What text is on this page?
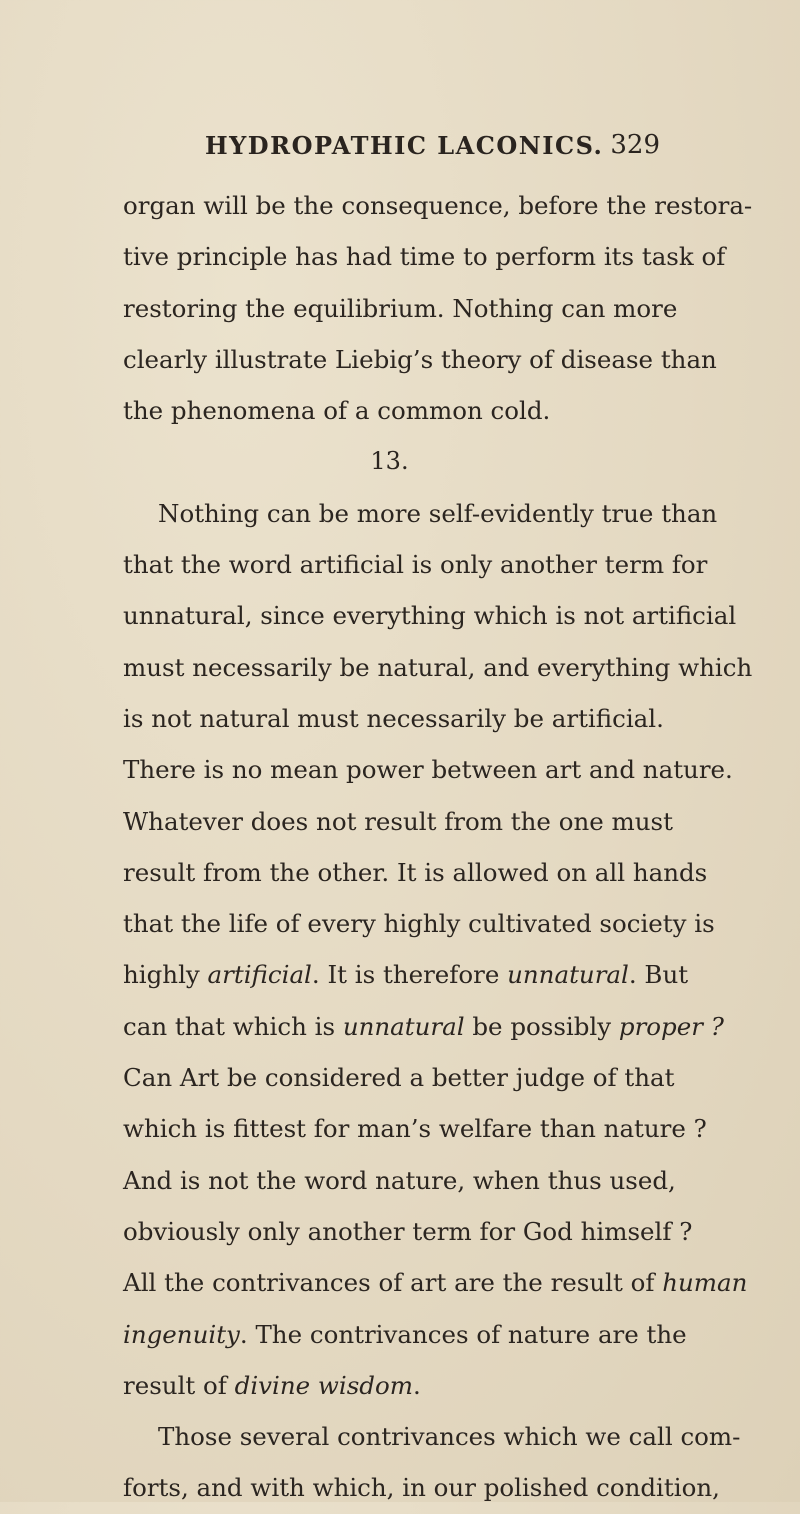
HYDROPATHIC LACONICS. 329
organ will be the consequence, before the restora-
tive principle has had time to perform its task of
restoring the equilibrium. Nothing can more
clearly illustrate Liebig’s theory of disease than
the phenomena of a common cold.
13.
Nothing can be more self-evidently true than
that the word artificial is only another term for
unnatural, since everything which is not artificial
must necessarily be natural, and everything which
is not natural must necessarily be artificial.
There is no mean power between art and nature.
Whatever does not result from the one must
result from the other. It is allowed on all hands
that the life of every highly cultivated society is
highly artificial. It is therefore unnatural. But
can that which is unnatural be possibly proper ?
Can Art be considered a better judge of that
which is fittest for man’s welfare than nature ?
And is not the word nature, when thus used,
obviously only another term for God himself ?
All the contrivances of art are the result of human
ingenuity. The contrivances of nature are the
result of divine wisdom.
Those several contrivances which we call com-
forts, and with which, in our polished condition,
